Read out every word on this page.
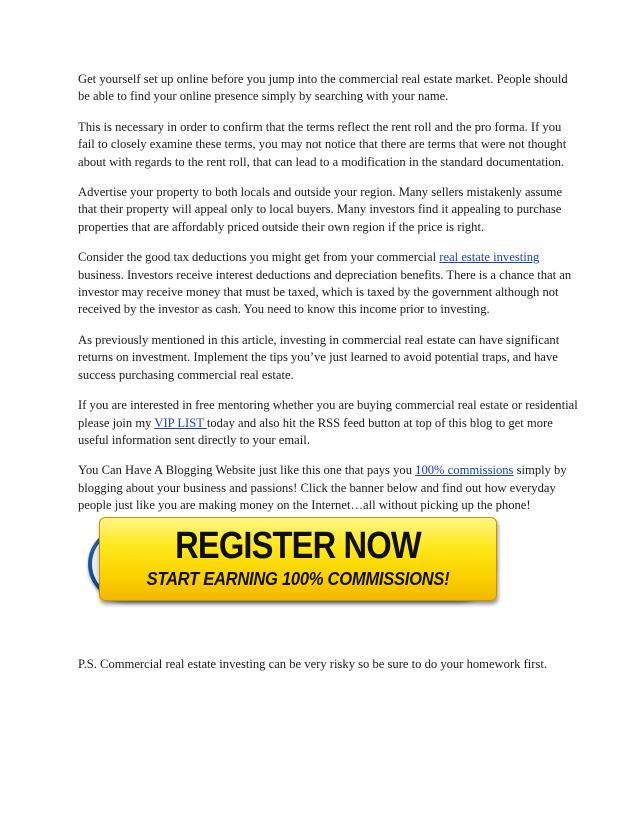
Get yourself set up online before you jump into the commercial real estate market. People should be able to find your online presence simply by searching with your name.

This is necessary in order to confirm that the terms reflect the rent roll and the pro forma. If you fail to closely examine these terms, you may not notice that there are terms that were not thought about with regards to the rent roll, that can lead to a modification in the standard documentation.

Advertise your property to both locals and outside your region. Many sellers mistakenly assume that their property will appeal only to local buyers. Many investors find it appealing to purchase properties that are affordably priced outside their own region if the price is right.

Consider the good tax deductions you might get from your commercial real estate investing business. Investors receive interest deductions and depreciation benefits. There is a chance that an investor may receive money that must be taxed, which is taxed by the government although not received by the investor as cash. You need to know this income prior to investing.

As previously mentioned in this article, investing in commercial real estate can have significant returns on investment. Implement the tips you’ve just learned to avoid potential traps, and have success purchasing commercial real estate.

If you are interested in free mentoring whether you are buying commercial real estate or residential please join my VIP LIST today and also hit the RSS feed button at top of this blog to get more useful information sent directly to your email.

You Can Have A Blogging Website just like this one that pays you 100% commissions simply by blogging about your business and passions! Click the banner below and find out how everyday people just like you are making money on the Internet…all without picking up the phone!

REGISTER NOW
START EARNING 100% COMMISSIONS!

P.S. Commercial real estate investing can be very risky so be sure to do your homework first.
